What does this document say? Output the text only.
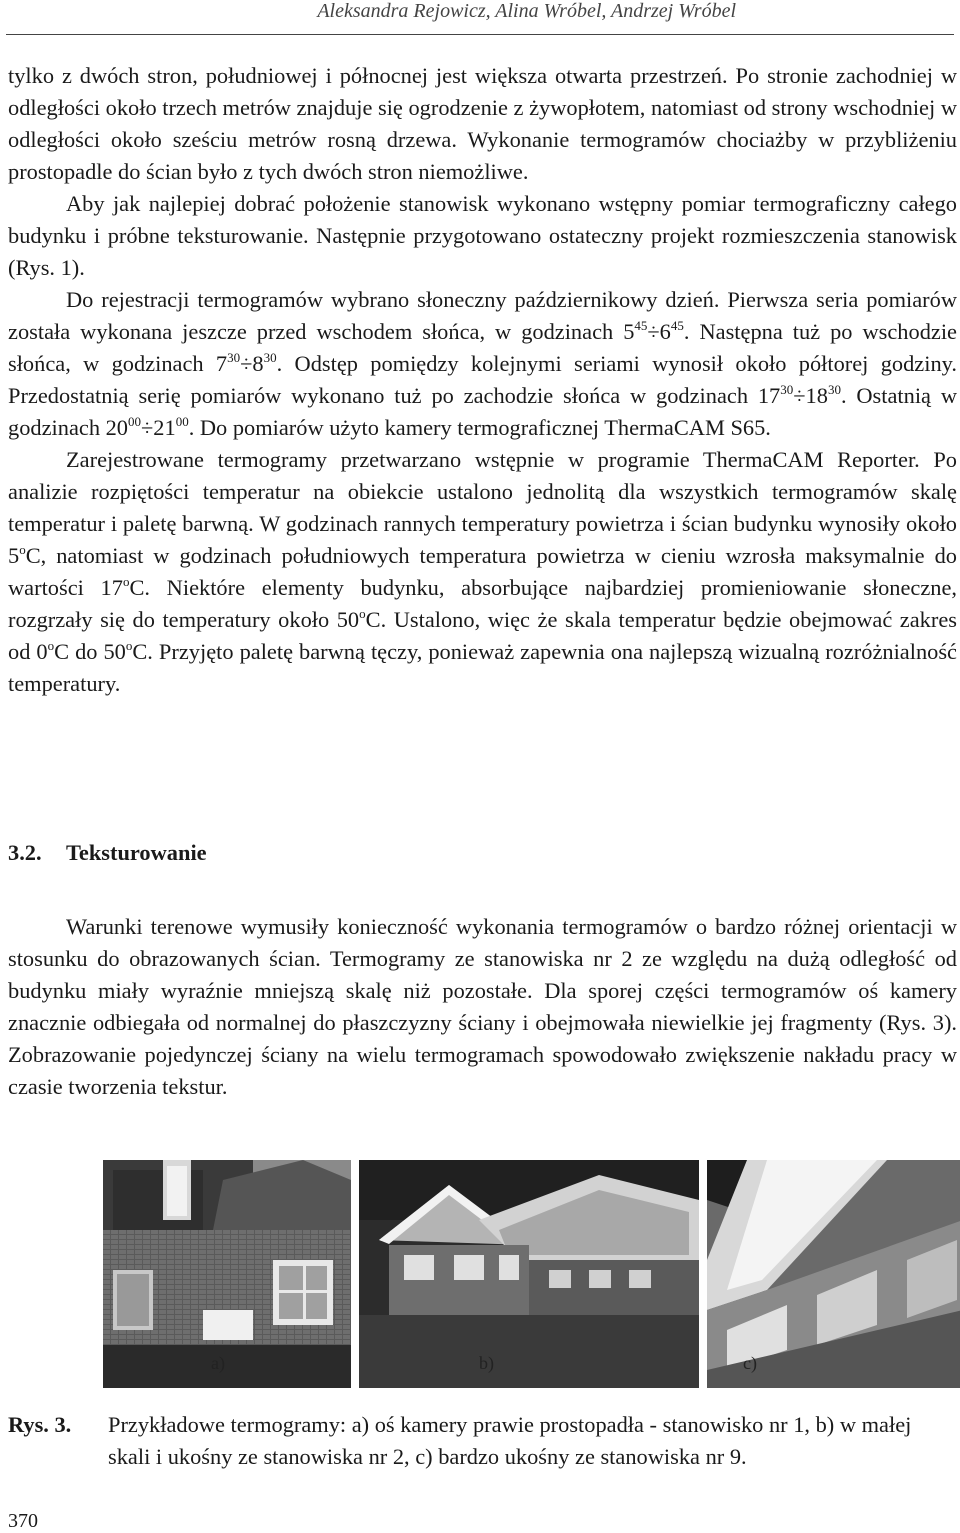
Aleksandra Rejowicz, Alina Wróbel, Andrzej Wróbel

tylko z dwóch stron, południowej i północnej jest większa otwarta przestrzeń. Po stronie zachodniej w odległości około trzech metrów znajduje się ogrodzenie z żywopłotem, natomiast od strony wschodniej w odległości około sześciu metrów rosną drzewa. Wykonanie termogramów chociażby w przybliżeniu prostopadle do ścian było z tych dwóch stron niemożliwe.

Aby jak najlepiej dobrać położenie stanowisk wykonano wstępny pomiar termograficzny całego budynku i próbne teksturowanie. Następnie przygotowano ostateczny projekt rozmieszczenia stanowisk (Rys. 1).

Do rejestracji termogramów wybrano słoneczny październikowy dzień. Pierwsza seria pomiarów została wykonana jeszcze przed wschodem słońca, w godzinach $5^{45}\div 6^{45}$. Następna tuż po wschodzie słońca, w godzinach $7^{30}\div 8^{30}$. Odstęp pomiędzy kolejnymi seriami wynosił około półtorej godziny. Przedostatnią serię pomiarów wykonano tuż po zachodzie słońca w godzinach $17^{30}\div 18^{30}$. Ostatnią w godzinach $20^{00}\div 21^{00}$. Do pomiarów użyto kamery termograficznej ThermaCAM S65.

Zarejestrowane termogramy przetwarzano wstępnie w programie ThermaCAM Reporter. Po analizie rozpiętości temperatur na obiekcie ustalono jednolitą dla wszystkich termogramów skalę temperatur i paletę barwną. W godzinach rannych temperatury powietrza i ścian budynku wynosiły około 5$^o$C, natomiast w godzinach południowych temperatura powietrza w cieniu wzrosła maksymalnie do wartości 17$^o$C. Niektóre elementy budynku, absorbujące najbardziej promieniowanie słoneczne, rozgrzały się do temperatury około 50$^o$C. Ustalono, więc że skala temperatur będzie obejmować zakres od 0$^o$C do 50$^o$C. Przyjęto paletę barwną tęczy, ponieważ zapewnia ona najlepszą wizualną rozróżnialność temperatury.

3.2. Teksturowanie

Warunki terenowe wymusiły konieczność wykonania termogramów o bardzo różnej orientacji w stosunku do obrazowanych ścian. Termogramy ze stanowiska nr 2 ze względu na dużą odległość od budynku miały wyraźnie mniejszą skalę niż pozostałe. Dla sporej części termogramów oś kamery znacznie odbiegała od normalnej do płaszczyzny ściany i obejmowała niewielkie jej fragmenty (Rys. 3). Zobrazowanie pojedynczej ściany na wielu termogramach spowodowało zwiększenie nakładu pracy w czasie tworzenia tekstur.

a)	b)	c)
Rys. 3. Przykładowe termogramy: a) oś kamery prawie prostopadła - stanowisko nr 1, b) w małej skali i ukośny ze stanowiska nr 2, c) bardzo ukośny ze stanowiska nr 9.
370
